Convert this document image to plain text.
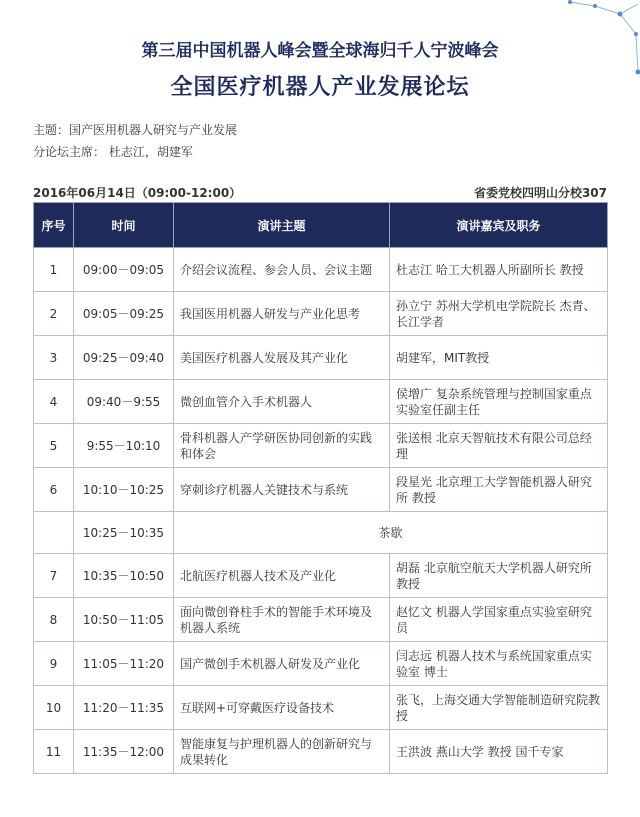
第三届中国机器人峰会暨全球海归千人宁波峰会
全国医疗机器人产业发展论坛
主题：国产医用机器人研究与产业发展
分论坛主席： 杜志江，胡建军
2016年06月14日（09:00-12:00）	省委党校四明山分校307
序号	时间	演讲主题	演讲嘉宾及职务
1	09:00－09:05	介绍会议流程、参会人员、会议主题	杜志江 哈工大机器人所副所长 教授
2	09:05－09:25	我国医用机器人研发与产业化思考	孙立宁 苏州大学机电学院院长 杰青、长江学者
3	09:25－09:40	美国医疗机器人发展及其产业化	胡建军，MIT教授
4	09:40－9:55	微创血管介入手术机器人	侯增广 复杂系统管理与控制国家重点实验室任副主任
5	9:55－10:10	骨科机器人产学研医协同创新的实践和体会	张送根 北京天智航技术有限公司总经理
6	10:10－10:25	穿刺诊疗机器人关键技术与系统	段星光 北京理工大学智能机器人研究所 教授
	10:25－10:35	茶歇	
7	10:35－10:50	北航医疗机器人技术及产业化	胡磊 北京航空航天大学机器人研究所 教授
8	10:50－11:05	面向微创脊柱手术的智能手术环境及机器人系统	赵忆文 机器人学国家重点实验室研究员
9	11:05－11:20	国产微创手术机器人研发及产业化	闫志远 机器人技术与系统国家重点实验室 博士
10	11:20－11:35	互联网+可穿戴医疗设备技术	张飞，上海交通大学智能制造研究院教授
11	11:35－12:00	智能康复与护理机器人的创新研究与成果转化	王洪波 燕山大学 教授 国千专家
